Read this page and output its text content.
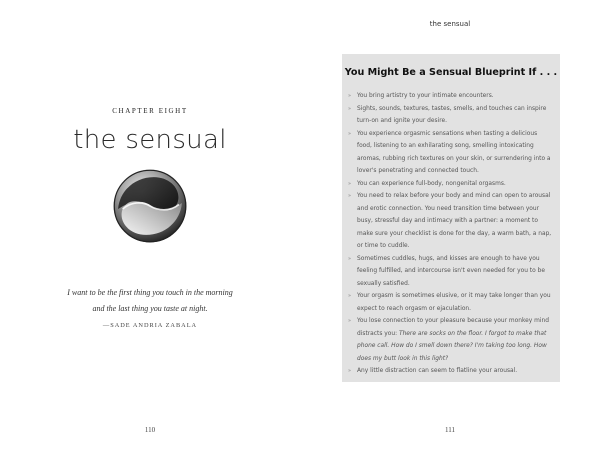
CHAPTER EIGHT
the sensual
I want to be the first thing you touch in the morning
and the last thing you taste at night.
—SADE ANDRIA ZABALA
110
the sensual
You Might Be a Sensual Blueprint If . . .
» You bring artistry to your intimate encounters.
» Sights, sounds, textures, tastes, smells, and touches can inspire turn-on and ignite your desire.
» You experience orgasmic sensations when tasting a delicious food, listening to an exhilarating song, smelling intoxicating aromas, rubbing rich textures on your skin, or surrendering into a lover's penetrating and connected touch.
» You can experience full-body, nongenital orgasms.
» You need to relax before your body and mind can open to arousal and erotic connection. You need transition time between your busy, stressful day and intimacy with a partner: a moment to make sure your checklist is done for the day, a warm bath, a nap, or time to cuddle.
» Sometimes cuddles, hugs, and kisses are enough to have you feeling fulfilled, and intercourse isn't even needed for you to be sexually satisfied.
» Your orgasm is sometimes elusive, or it may take longer than you expect to reach orgasm or ejaculation.
» You lose connection to your pleasure because your monkey mind distracts you: There are socks on the floor. I forgot to make that phone call. How do I smell down there? I'm taking too long. How does my butt look in this light?
» Any little distraction can seem to flatline your arousal.
111
